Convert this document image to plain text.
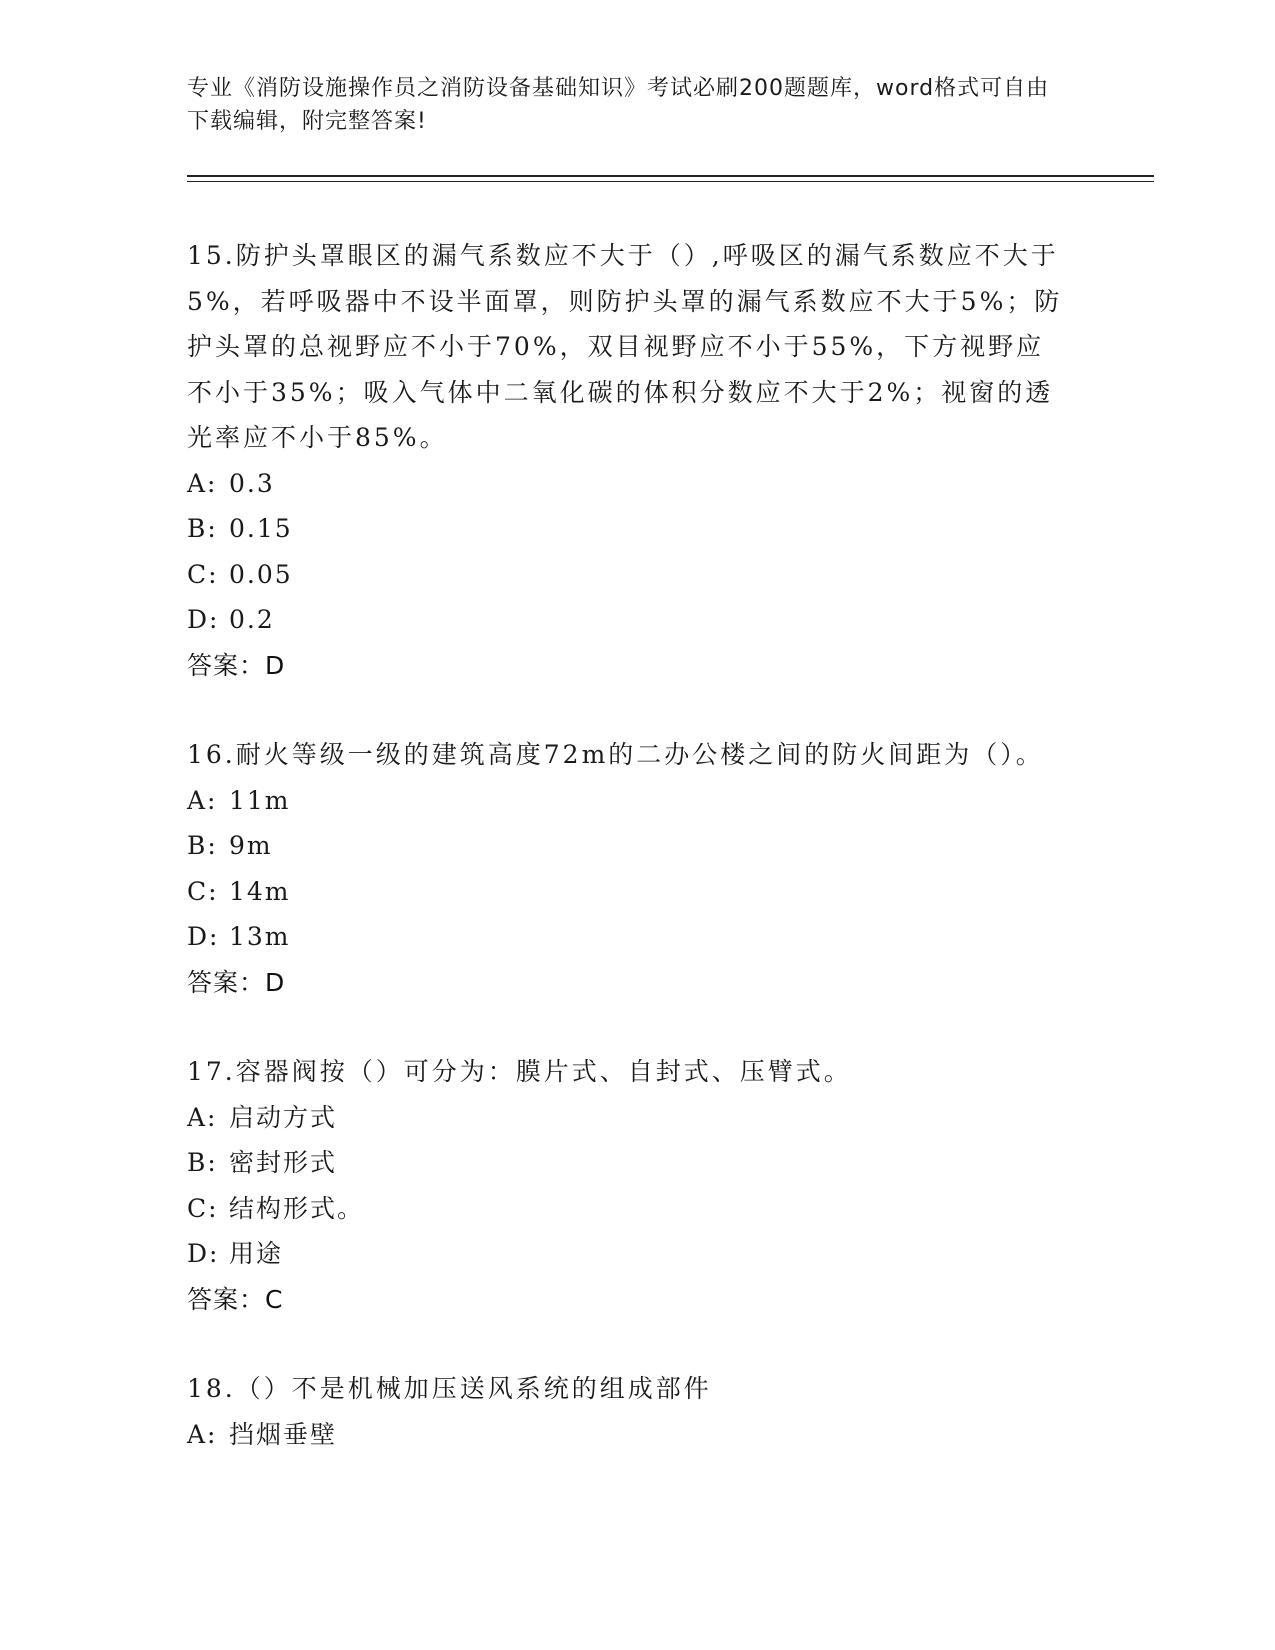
专业《消防设施操作员之消防设备基础知识》考试必刷200题题库，word格式可自由下载编辑，附完整答案!
15.防护头罩眼区的漏气系数应不大于（）,呼吸区的漏气系数应不大于5%，若呼吸器中不设半面罩，则防护头罩的漏气系数应不大于5%；防护头罩的总视野应不小于70%，双目视野应不小于55%，下方视野应不小于35%；吸入气体中二氧化碳的体积分数应不大于2%；视窗的透光率应不小于85%。
A: 0.3
B: 0.15
C: 0.05
D: 0.2
答案：D
16.耐火等级一级的建筑高度72m的二办公楼之间的防火间距为（）。
A: 11m
B: 9m
C: 14m
D: 13m
答案：D
17.容器阀按（）可分为：膜片式、自封式、压臂式。
A: 启动方式
B: 密封形式
C: 结构形式。
D: 用途
答案：C
18.（）不是机械加压送风系统的组成部件
A: 挡烟垂壁
